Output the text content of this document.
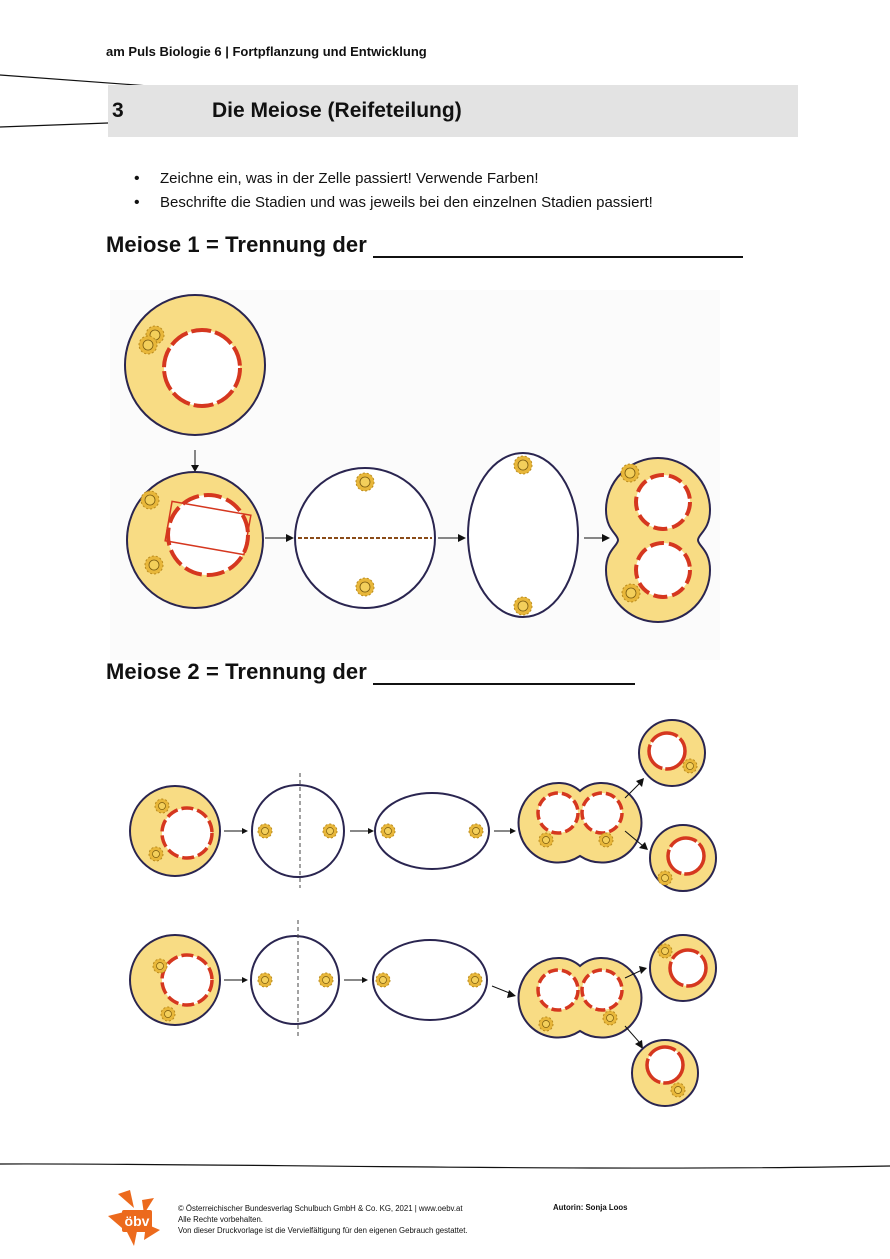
am Puls Biologie 6 | Fortpflanzung und Entwicklung
3	Die Meiose (Reifeteilung)
• Zeichne ein, was in der Zelle passiert! Verwende Farben!
• Beschrifte die Stadien und was jeweils bei den einzelnen Stadien passiert!
Meiose 1 = Trennung der
Meiose 2 = Trennung der
öbv
© Österreichischer Bundesverlag Schulbuch GmbH & Co. KG, 2021 | www.oebv.at
Alle Rechte vorbehalten.
Von dieser Druckvorlage ist die Vervielfältigung für den eigenen Gebrauch gestattet.
Autorin: Sonja Loos
